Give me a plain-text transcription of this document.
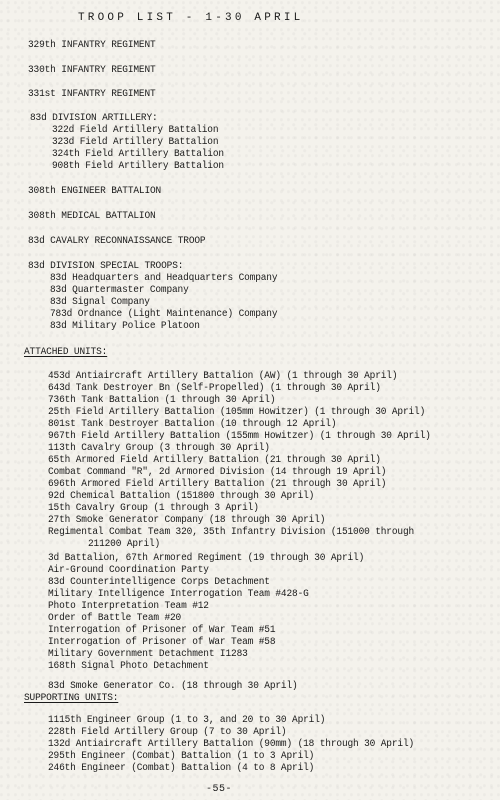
TROOP LIST - 1-30 APRIL
329th INFANTRY REGIMENT
330th INFANTRY REGIMENT
331st INFANTRY REGIMENT
83d DIVISION ARTILLERY:
322d Field Artillery Battalion
323d Field Artillery Battalion
324th Field Artillery Battalion
908th Field Artillery Battalion
308th ENGINEER BATTALION
308th MEDICAL BATTALION
83d CAVALRY RECONNAISSANCE TROOP
83d DIVISION SPECIAL TROOPS:
83d Headquarters and Headquarters Company
83d Quartermaster Company
83d Signal Company
783d Ordnance (Light Maintenance) Company
83d Military Police Platoon
ATTACHED UNITS:
453d Antiaircraft Artillery Battalion (AW) (1 through 30 April)
643d Tank Destroyer Bn (Self-Propelled) (1 through 30 April)
736th Tank Battalion (1 through 30 April)
25th Field Artillery Battalion (105mm Howitzer) (1 through 30 April)
801st Tank Destroyer Battalion (10 through 12 April)
967th Field Artillery Battalion (155mm Howitzer) (1 through 30 April)
113th Cavalry Group (3 through 30 April)
65th Armored Field Artillery Battalion (21 through 30 April)
Combat Command "R", 2d Armored Division (14 through 19 April)
696th Armored Field Artillery Battalion (21 through 30 April)
92d Chemical Battalion (151800 through 30 April)
15th Cavalry Group (1 through 3 April)
27th Smoke Generator Company (18 through 30 April)
Regimental Combat Team 320, 35th Infantry Division (151000 through
211200 April)
3d Battalion, 67th Armored Regiment (19 through 30 April)
Air-Ground Coordination Party
83d Counterintelligence Corps Detachment
Military Intelligence Interrogation Team #428-G
Photo Interpretation Team #12
Order of Battle Team #20
Interrogation of Prisoner of War Team #51
Interrogation of Prisoner of War Team #58
Military Government Detachment I1283
168th Signal Photo Detachment
83d Smoke Generator Co. (18 through 30 April)
SUPPORTING UNITS:
1115th Engineer Group (1 to 3, and 20 to 30 April)
228th Field Artillery Group (7 to 30 April)
132d Antiaircraft Artillery Battalion (90mm) (18 through 30 April)
295th Engineer (Combat) Battalion (1 to 3 April)
246th Engineer (Combat) Battalion (4 to 8 April)
-55-
